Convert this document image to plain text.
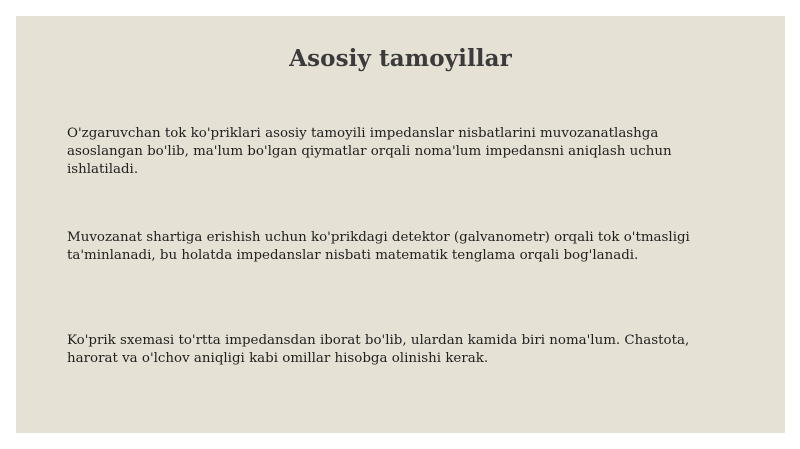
Asosiy tamoyillar

O'zgaruvchan tok ko'priklari asosiy tamoyili impedanslar nisbatlarini muvozanatlashga asoslangan bo'lib, ma'lum bo'lgan qiymatlar orqali noma'lum impedansni aniqlash uchun ishlatiladi.

Muvozanat shartiga erishish uchun ko'prikdagi detektor (galvanometr) orqali tok o'tmasligi ta'minlanadi, bu holatda impedanslar nisbati matematik tenglama orqali bog'lanadi.

Ko'prik sxemasi to'rtta impedansdan iborat bo'lib, ulardan kamida biri noma'lum. Chastota, harorat va o'lchov aniqligi kabi omillar hisobga olinishi kerak.
